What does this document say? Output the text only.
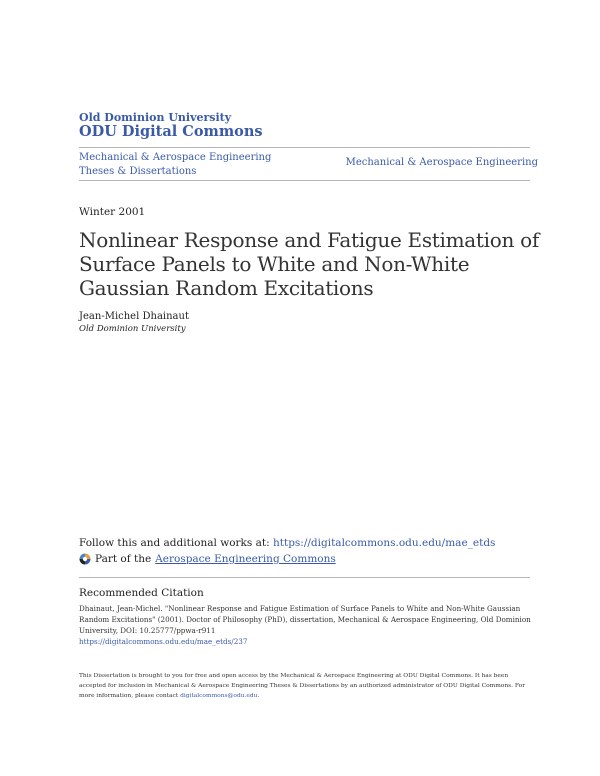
Old Dominion University
ODU Digital Commons
Mechanical & Aerospace Engineering Theses & Dissertations
Mechanical & Aerospace Engineering
Winter 2001
Nonlinear Response and Fatigue Estimation of Surface Panels to White and Non-White Gaussian Random Excitations
Jean-Michel Dhainaut
Old Dominion University
Follow this and additional works at: https://digitalcommons.odu.edu/mae_etds
Part of the Aerospace Engineering Commons
Recommended Citation
Dhainaut, Jean-Michel. "Nonlinear Response and Fatigue Estimation of Surface Panels to White and Non-White Gaussian Random Excitations" (2001). Doctor of Philosophy (PhD), dissertation, Mechanical & Aerospace Engineering, Old Dominion University, DOI: 10.25777/ppwa-r911
https://digitalcommons.odu.edu/mae_etds/237
This Dissertation is brought to you for free and open access by the Mechanical & Aerospace Engineering at ODU Digital Commons. It has been accepted for inclusion in Mechanical & Aerospace Engineering Theses & Dissertations by an authorized administrator of ODU Digital Commons. For more information, please contact digitalcommons@odu.edu.
